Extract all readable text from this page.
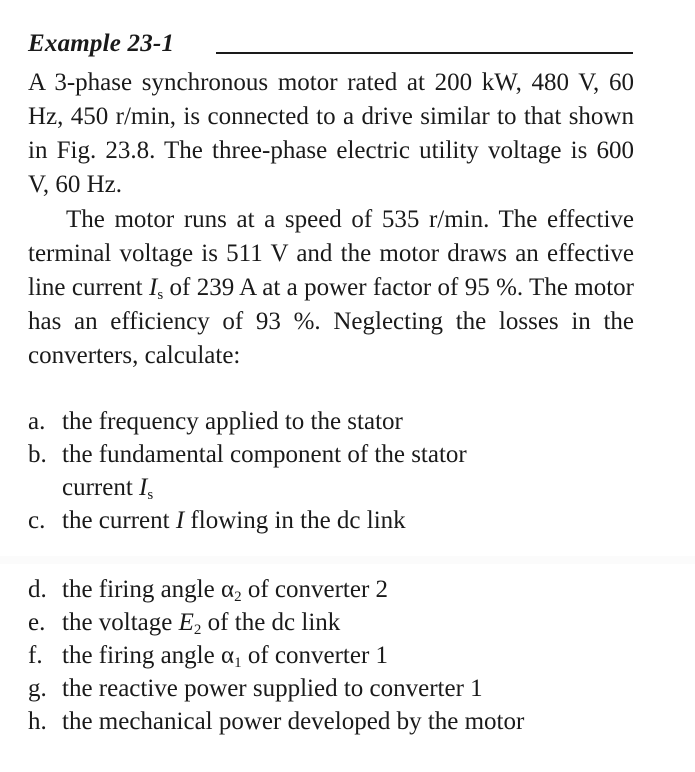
Example 23-1

A 3-phase synchronous motor rated at 200 kW, 480 V, 60 Hz, 450 r/min, is connected to a drive similar to that shown in Fig. 23.8. The three-phase electric utility voltage is 600 V, 60 Hz.

The motor runs at a speed of 535 r/min. The effective terminal voltage is 511 V and the motor draws an effective line current $I_s$ of 239 A at a power factor of 95 %. The motor has an efficiency of 93 %. Neglecting the losses in the converters, calculate:

a. the frequency applied to the stator
b. the fundamental component of the stator
current $I_s$
c. the current I flowing in the dc link
d. the firing angle $\alpha_2$ of converter 2
e. the voltage $E_2$ of the dc link
f. the firing angle $\alpha_1$ of converter 1
g. the reactive power supplied to converter 1
h. the mechanical power developed by the motor
